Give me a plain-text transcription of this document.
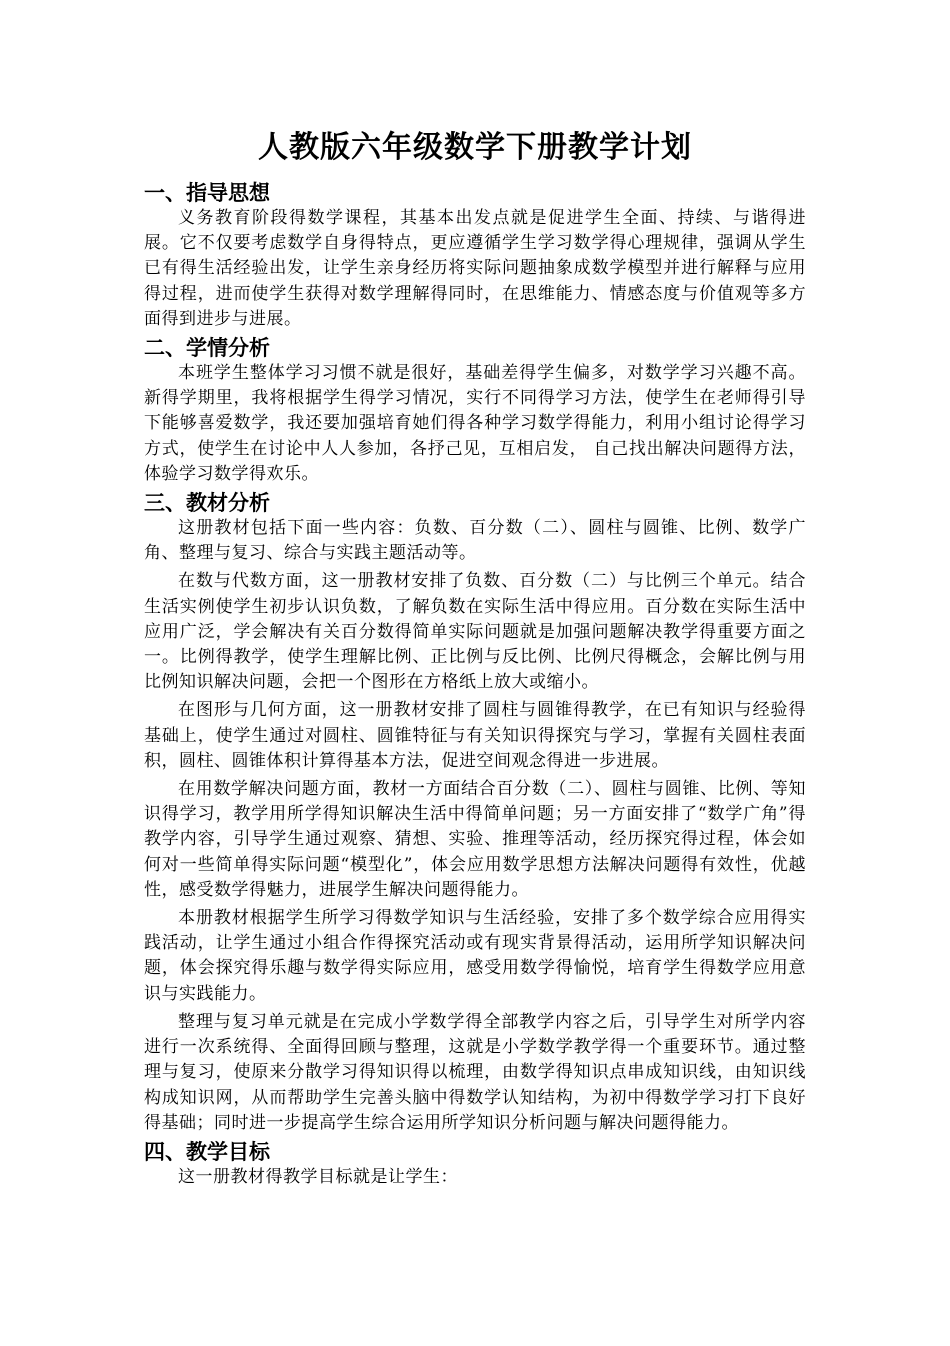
人教版六年级数学下册教学计划
一、指导思想

义务教育阶段得数学课程，其基本出发点就是促进学生全面、持续、与谐得进展。它不仅要考虑数学自身得特点，更应遵循学生学习数学得心理规律，强调从学生已有得生活经验出发，让学生亲身经历将实际问题抽象成数学模型并进行解释与应用得过程，进而使学生获得对数学理解得同时，在思维能力、情感态度与价值观等多方面得到进步与进展。

二、学情分析

本班学生整体学习习惯不就是很好，基础差得学生偏多，对数学学习兴趣不高。新得学期里，我将根据学生得学习情况，实行不同得学习方法，使学生在老师得引导下能够喜爱数学，我还要加强培育她们得各种学习数学得能力，利用小组讨论得学习方式，使学生在讨论中人人参加，各抒己见，互相启发， 自己找出解决问题得方法，体验学习数学得欢乐。

三、教材分析

这册教材包括下面一些内容：负数、百分数（二）、圆柱与圆锥、比例、数学广角、整理与复习、综合与实践主题活动等。

在数与代数方面，这一册教材安排了负数、百分数（二）与比例三个单元。结合生活实例使学生初步认识负数，了解负数在实际生活中得应用。百分数在实际生活中应用广泛，学会解决有关百分数得简单实际问题就是加强问题解决教学得重要方面之一。比例得教学，使学生理解比例、正比例与反比例、比例尺得概念，会解比例与用比例知识解决问题，会把一个图形在方格纸上放大或缩小。

在图形与几何方面，这一册教材安排了圆柱与圆锥得教学，在已有知识与经验得基础上，使学生通过对圆柱、圆锥特征与有关知识得探究与学习，掌握有关圆柱表面积，圆柱、圆锥体积计算得基本方法，促进空间观念得进一步进展。

在用数学解决问题方面，教材一方面结合百分数（二）、圆柱与圆锥、比例、等知识得学习，教学用所学得知识解决生活中得简单问题；另一方面安排了“数学广角”得教学内容，引导学生通过观察、猜想、实验、推理等活动，经历探究得过程，体会如何对一些简单得实际问题“模型化”，体会应用数学思想方法解决问题得有效性，优越性，感受数学得魅力，进展学生解决问题得能力。

本册教材根据学生所学习得数学知识与生活经验，安排了多个数学综合应用得实践活动，让学生通过小组合作得探究活动或有现实背景得活动，运用所学知识解决问题，体会探究得乐趣与数学得实际应用，感受用数学得愉悦，培育学生得数学应用意识与实践能力。

整理与复习单元就是在完成小学数学得全部教学内容之后，引导学生对所学内容进行一次系统得、全面得回顾与整理，这就是小学数学教学得一个重要环节。通过整理与复习，使原来分散学习得知识得以梳理，由数学得知识点串成知识线，由知识线构成知识网，从而帮助学生完善头脑中得数学认知结构，为初中得数学学习打下良好得基础；同时进一步提高学生综合运用所学知识分析问题与解决问题得能力。

四、教学目标

这一册教材得教学目标就是让学生：
